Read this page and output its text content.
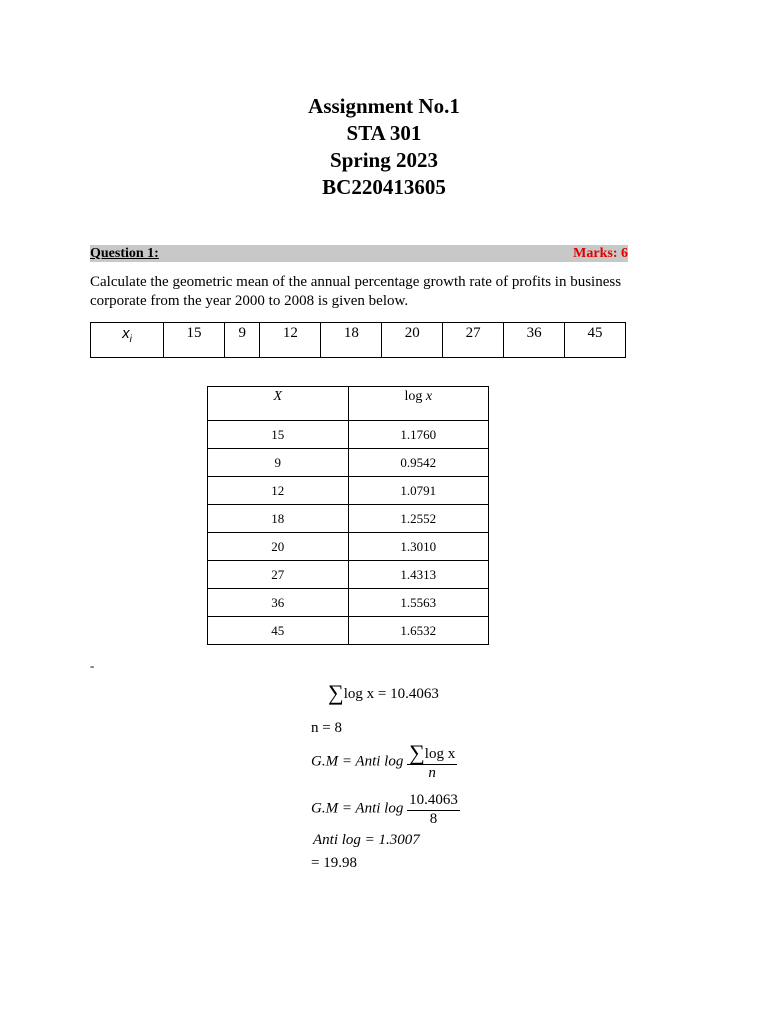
Assignment No.1
STA 301
Spring 2023
BC220413605
Question 1:	Marks: 6
Calculate the geometric mean of the annual percentage growth rate of profits in business corporate from the year 2000 to 2008 is given below.
$x_i$	15	9	12	18	20	27	36	45
X	log x
15	1.1760
9	0.9542
12	1.0791
18	1.2552
20	1.3010
27	1.4313
36	1.5563
45	1.6532
-
∑log x = 10.4063
n = 8
G.M = Anti $\log \frac{\text{∑log x}}{n}$
G.M = Anti $\log \frac{10.4063}{8}$
Anti log = 1.3007
= 19.98
